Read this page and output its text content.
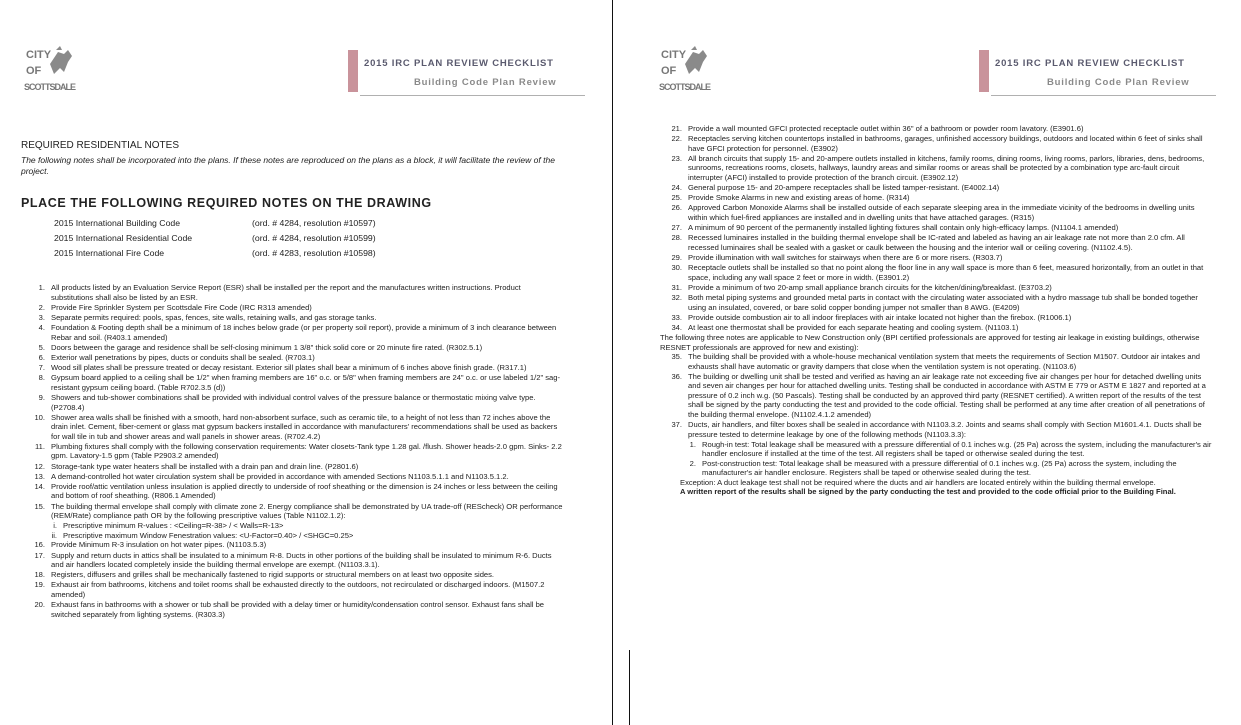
CITY
OF
SCOTTSDALE
2015 IRC PLAN REVIEW CHECKLIST
Building Code Plan Review
REQUIRED RESIDENTIAL NOTES
The following notes shall be incorporated into the plans. If these notes are reproduced on the plans as a block, it will facilitate the review of the project.
PLACE THE FOLLOWING REQUIRED NOTES ON THE DRAWING
2015 International Building Code	(ord. # 4284, resolution #10597)
2015 International Residential Code	(ord. # 4284, resolution #10599)
2015 International Fire Code	(ord. # 4283, resolution #10598)
1. All products listed by an Evaluation Service Report (ESR) shall be installed per the report and the manufactures written instructions. Product substitutions shall also be listed by an ESR.
2. Provide Fire Sprinkler System per Scottsdale Fire Code (IRC R313 amended)
3. Separate permits required: pools, spas, fences, site walls, retaining walls, and gas storage tanks.
4. Foundation & Footing depth shall be a minimum of 18 inches below grade (or per property soil report), provide a minimum of 3 inch clearance between Rebar and soil. (R403.1 amended)
5. Doors between the garage and residence shall be self-closing minimum 1 3/8" thick solid core or 20 minute fire rated. (R302.5.1)
6. Exterior wall penetrations by pipes, ducts or conduits shall be sealed. (R703.1)
7. Wood sill plates shall be pressure treated or decay resistant. Exterior sill plates shall bear a minimum of 6 inches above finish grade. (R317.1)
8. Gypsum board applied to a ceiling shall be 1/2" when framing members are 16" o.c. or 5/8" when framing members are 24" o.c. or use labeled 1/2" sag-resistant gypsum ceiling board. (Table R702.3.5 (d))
9. Showers and tub-shower combinations shall be provided with individual control valves of the pressure balance or thermostatic mixing valve type. (P2708.4)
10. Shower area walls shall be finished with a smooth, hard non-absorbent surface, such as ceramic tile, to a height of not less than 72 inches above the drain inlet. Cement, fiber-cement or glass mat gypsum backers installed in accordance with manufacturers' recommendations shall be used as backers for wall tile in tub and shower areas and wall panels in shower areas. (R702.4.2)
11. Plumbing fixtures shall comply with the following conservation requirements: Water closets-Tank type 1.28 gal. /flush. Shower heads-2.0 gpm. Sinks- 2.2 gpm. Lavatory-1.5 gpm (Table P2903.2 amended)
12. Storage-tank type water heaters shall be installed with a drain pan and drain line. (P2801.6)
13. A demand-controlled hot water circulation system shall be provided in accordance with amended Sections N1103.5.1.1 and N1103.5.1.2.
14. Provide roof/attic ventilation unless insulation is applied directly to underside of roof sheathing or the dimension is 24 inches or less between the ceiling and bottom of roof sheathing. (R806.1 Amended)
15. The building thermal envelope shall comply with climate zone 2. Energy compliance shall be demonstrated by UA trade-off (REScheck) OR performance (REM/Rate) compliance path OR by the following prescriptive values (Table N1102.1.2):
i. Prescriptive minimum R-values : <Ceiling=R-38> / < Walls=R-13>
ii. Prescriptive maximum Window Fenestration values: <U-Factor=0.40> / <SHGC=0.25>
16. Provide Minimum R-3 insulation on hot water pipes. (N1103.5.3)
17. Supply and return ducts in attics shall be insulated to a minimum R-8. Ducts in other portions of the building shall be insulated to minimum R-6. Ducts and air handlers located completely inside the building thermal envelope are exempt. (N1103.3.1).
18. Registers, diffusers and grilles shall be mechanically fastened to rigid supports or structural members on at least two opposite sides.
19. Exhaust air from bathrooms, kitchens and toilet rooms shall be exhausted directly to the outdoors, not recirculated or discharged indoors. (M1507.2 amended)
20. Exhaust fans in bathrooms with a shower or tub shall be provided with a delay timer or humidity/condensation control sensor. Exhaust fans shall be switched separately from lighting systems. (R303.3)
CITY
OF
SCOTTSDALE
2015 IRC PLAN REVIEW CHECKLIST
Building Code Plan Review
21. Provide a wall mounted GFCI protected receptacle outlet within 36" of a bathroom or powder room lavatory. (E3901.6)
22. Receptacles serving kitchen countertops installed in bathrooms, garages, unfinished accessory buildings, outdoors and located within 6 feet of sinks shall have GFCI protection for personnel. (E3902)
23. All branch circuits that supply 15- and 20-ampere outlets installed in kitchens, family rooms, dining rooms, living rooms, parlors, libraries, dens, bedrooms, sunrooms, recreations rooms, closets, hallways, laundry areas and similar rooms or areas shall be protected by a combination type arc-fault circuit interrupter (AFCI) installed to provide protection of the branch circuit. (E3902.12)
24. General purpose 15- and 20-ampere receptacles shall be listed tamper-resistant. (E4002.14)
25. Provide Smoke Alarms in new and existing areas of home. (R314)
26. Approved Carbon Monoxide Alarms shall be installed outside of each separate sleeping area in the immediate vicinity of the bedrooms in dwelling units within which fuel-fired appliances are installed and in dwelling units that have attached garages. (R315)
27. A minimum of 90 percent of the permanently installed lighting fixtures shall contain only high-efficacy lamps. (N1104.1 amended)
28. Recessed luminaires installed in the building thermal envelope shall be IC-rated and labeled as having an air leakage rate not more than 2.0 cfm. All recessed luminaires shall be sealed with a gasket or caulk between the housing and the interior wall or ceiling covering. (N1102.4.5).
29. Provide illumination with wall switches for stairways when there are 6 or more risers. (R303.7)
30. Receptacle outlets shall be installed so that no point along the floor line in any wall space is more than 6 feet, measured horizontally, from an outlet in that space, including any wall space 2 feet or more in width. (E3901.2)
31. Provide a minimum of two 20-amp small appliance branch circuits for the kitchen/dining/breakfast. (E3703.2)
32. Both metal piping systems and grounded metal parts in contact with the circulating water associated with a hydro massage tub shall be bonded together using an insulated, covered, or bare solid copper bonding jumper not smaller than 8 AWG. (E4209)
33. Provide outside combustion air to all indoor fireplaces with air intake located not higher than the firebox. (R1006.1)
34. At least one thermostat shall be provided for each separate heating and cooling system. (N1103.1)
The following three notes are applicable to New Construction only (BPI certified professionals are approved for testing air leakage in existing buildings, otherwise RESNET professionals are approved for new and existing):
35. The building shall be provided with a whole-house mechanical ventilation system that meets the requirements of Section M1507. Outdoor air intakes and exhausts shall have automatic or gravity dampers that close when the ventilation system is not operating. (N1103.6)
36. The building or dwelling unit shall be tested and verified as having an air leakage rate not exceeding five air changes per hour for detached dwelling units and seven air changes per hour for attached dwelling units. Testing shall be conducted in accordance with ASTM E 779 or ASTM E 1827 and reported at a pressure of 0.2 inch w.g. (50 Pascals). Testing shall be conducted by an approved third party (RESNET certified). A written report of the results of the test shall be signed by the party conducting the test and provided to the code official. Testing shall be performed at any time after creation of all penetrations of the building thermal envelope. (N1102.4.1.2 amended)
37. Ducts, air handlers, and filter boxes shall be sealed in accordance with N1103.3.2. Joints and seams shall comply with Section M1601.4.1. Ducts shall be pressure tested to determine leakage by one of the following methods (N1103.3.3):
1. Rough-in test: Total leakage shall be measured with a pressure differential of 0.1 inches w.g. (25 Pa) across the system, including the manufacturer's air handler enclosure if installed at the time of the test. All registers shall be taped or otherwise sealed during the test.
2. Post-construction test: Total leakage shall be measured with a pressure differential of 0.1 inches w.g. (25 Pa) across the system, including the manufacturer's air handler enclosure. Registers shall be taped or otherwise sealed during the test.
Exception: A duct leakage test shall not be required where the ducts and air handlers are located entirely within the building thermal envelope.
A written report of the results shall be signed by the party conducting the test and provided to the code official prior to the Building Final.
